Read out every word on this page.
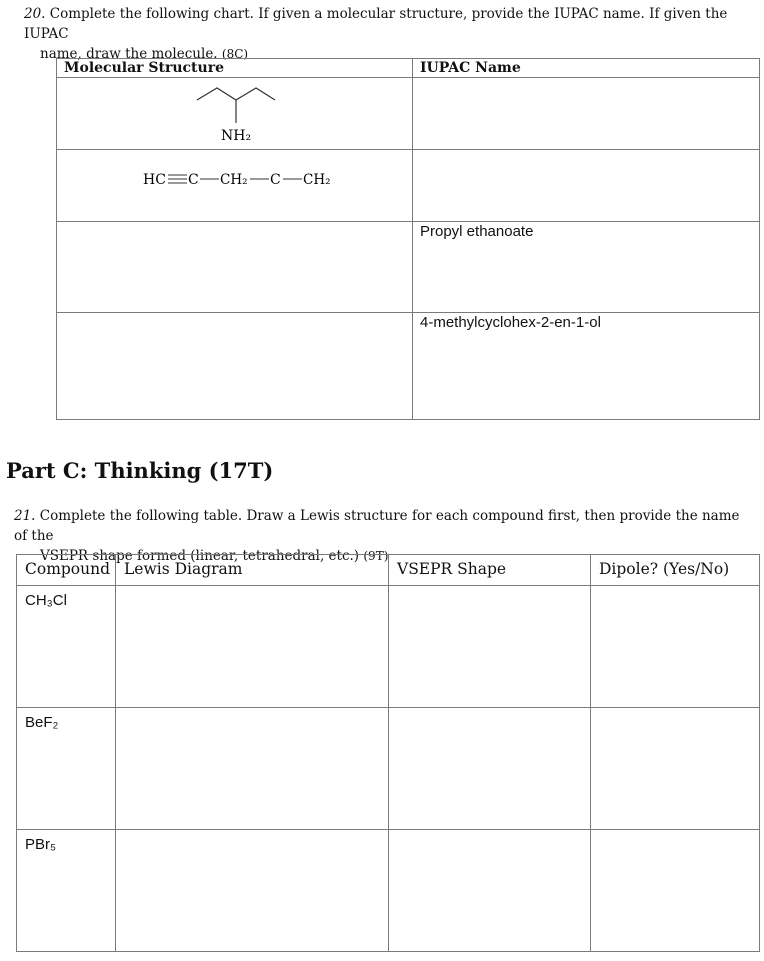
20. Complete the following chart. If given a molecular structure, provide the IUPAC name. If given the IUPAC
name, draw the molecule. (8C)
Molecular Structure	IUPAC Name

NH₂	

HC C CH₂ C CH₂	

	Propyl ethanoate
	4-methylcyclohex-2-en-1-ol
Part C: Thinking (17T)
21. Complete the following table. Draw a Lewis structure for each compound first, then provide the name of the
VSEPR shape formed (linear, tetrahedral, etc.) (9T)
Compound	Lewis Diagram	VSEPR Shape	Dipole? (Yes/No)
CH₃Cl			
BeF₂			
PBr₅			
